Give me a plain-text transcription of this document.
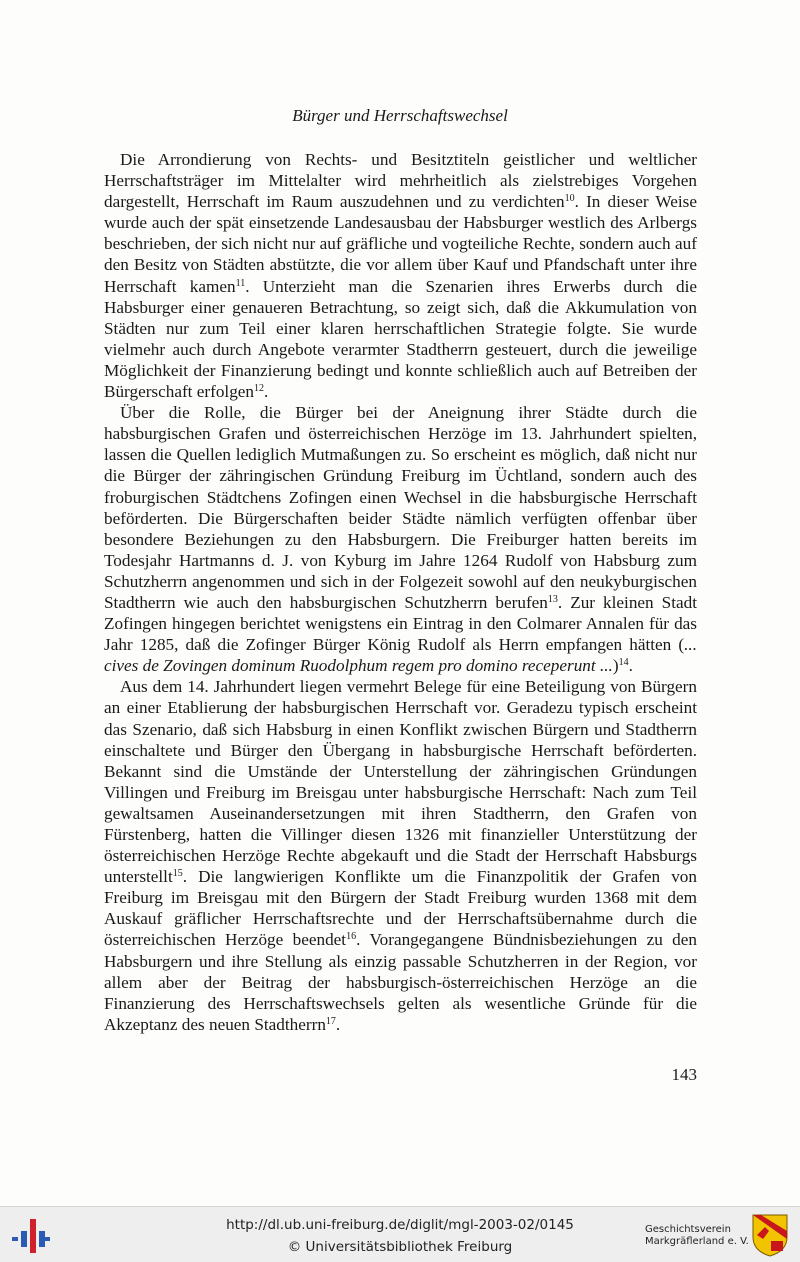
Bürger und Herrschaftswechsel

Die Arrondierung von Rechts- und Besitztiteln geistlicher und weltlicher Herrschaftsträger im Mittelalter wird mehrheitlich als zielstrebiges Vorgehen dargestellt, Herrschaft im Raum auszudehnen und zu verdichten$^{10}$. In dieser Weise wurde auch der spät einsetzende Landesausbau der Habsburger westlich des Arlbergs beschrieben, der sich nicht nur auf gräfliche und vogteiliche Rechte, sondern auch auf den Besitz von Städten abstützte, die vor allem über Kauf und Pfandschaft unter ihre Herrschaft kamen$^{11}$. Unterzieht man die Szenarien ihres Erwerbs durch die Habsburger einer genaueren Betrachtung, so zeigt sich, daß die Akkumulation von Städten nur zum Teil einer klaren herrschaftlichen Strategie folgte. Sie wurde vielmehr auch durch Angebote verarmter Stadtherrn gesteuert, durch die jeweilige Möglichkeit der Finanzierung bedingt und konnte schließlich auch auf Betreiben der Bürgerschaft erfolgen$^{12}$.

Über die Rolle, die Bürger bei der Aneignung ihrer Städte durch die habsburgischen Grafen und österreichischen Herzöge im 13. Jahrhundert spielten, lassen die Quellen lediglich Mutmaßungen zu. So erscheint es möglich, daß nicht nur die Bürger der zähringischen Gründung Freiburg im Üchtland, sondern auch des froburgischen Städtchens Zofingen einen Wechsel in die habsburgische Herrschaft beförderten. Die Bürgerschaften beider Städte nämlich verfügten offenbar über besondere Beziehungen zu den Habsburgern. Die Freiburger hatten bereits im Todesjahr Hartmanns d. J. von Kyburg im Jahre 1264 Rudolf von Habsburg zum Schutzherrn angenommen und sich in der Folgezeit sowohl auf den neukyburgischen Stadtherrn wie auch den habsburgischen Schutzherrn berufen$^{13}$. Zur kleinen Stadt Zofingen hingegen berichtet wenigstens ein Eintrag in den Colmarer Annalen für das Jahr 1285, daß die Zofinger Bürger König Rudolf als Herrn empfangen hätten (... cives de Zovingen dominum Ruodolphum regem pro domino receperunt ...)$^{14}$.

Aus dem 14. Jahrhundert liegen vermehrt Belege für eine Beteiligung von Bürgern an einer Etablierung der habsburgischen Herrschaft vor. Geradezu typisch erscheint das Szenario, daß sich Habsburg in einen Konflikt zwischen Bürgern und Stadtherrn einschaltete und Bürger den Übergang in habsburgische Herrschaft beförderten. Bekannt sind die Umstände der Unterstellung der zähringischen Gründungen Villingen und Freiburg im Breisgau unter habsburgische Herrschaft: Nach zum Teil gewaltsamen Auseinandersetzungen mit ihren Stadtherrn, den Grafen von Fürstenberg, hatten die Villinger diesen 1326 mit finanzieller Unterstützung der österreichischen Herzöge Rechte abgekauft und die Stadt der Herrschaft Habsburgs unterstellt$^{15}$. Die langwierigen Konflikte um die Finanzpolitik der Grafen von Freiburg im Breisgau mit den Bürgern der Stadt Freiburg wurden 1368 mit dem Auskauf gräflicher Herrschaftsrechte und der Herrschaftsübernahme durch die österreichischen Herzöge beendet$^{16}$. Vorangegangene Bündnisbeziehungen zu den Habsburgern und ihre Stellung als einzig passable Schutzherren in der Region, vor allem aber der Beitrag der habsburgisch-österreichischen Herzöge an die Finanzierung des Herrschaftswechsels gelten als wesentliche Gründe für die Akzeptanz des neuen Stadtherrn$^{17}$.

143
http://dl.ub.uni-freiburg.de/diglit/mgl-2003-02/0145
© Universitätsbibliothek Freiburg
Geschichtsverein
Markgräflerland e. V.
